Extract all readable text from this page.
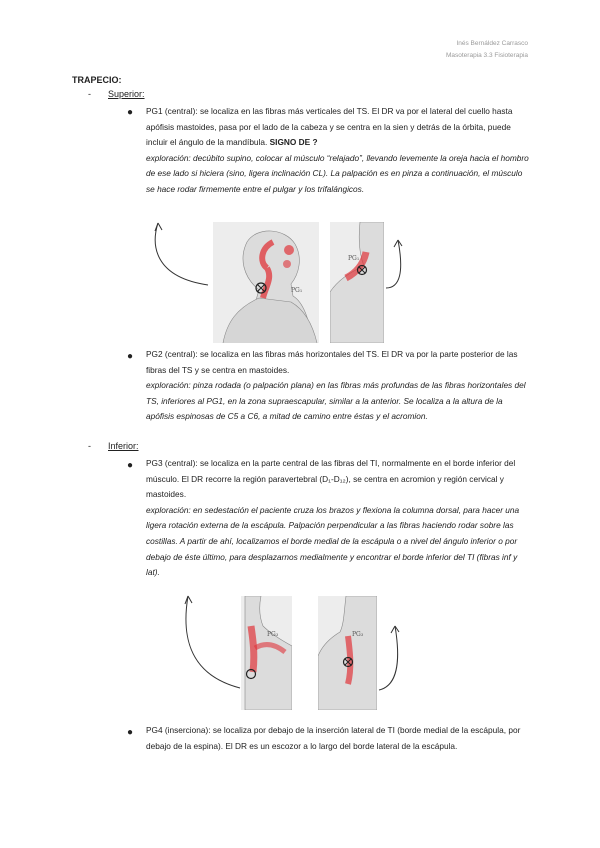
Inés Bernáldez Carrasco
Masoterapia 3.3 Fisioterapia
TRAPECIO:
- Superior:
● PG1 (central): se localiza en las fibras más verticales del TS. El DR va por el lateral del cuello hasta apófisis mastoides, pasa por el lado de la cabeza y se centra en la sien y detrás de la órbita, puede incluir el ángulo de la mandíbula. SIGNO DE ?
exploración: decúbito supino, colocar al músculo “relajado”, llevando levemente la oreja hacia el hombro de ese lado si hiciera (sino, ligera inclinación CL). La palpación es en pinza a continuación, el músculo se hace rodar firmemente entre el pulgar y los trifalángicos.
PG₁
PG₁
● PG2 (central): se localiza en las fibras más horizontales del TS. El DR va por la parte posterior de las fibras del TS y se centra en mastoides.
exploración: pinza rodada (o palpación plana) en las fibras más profundas de las fibras horizontales del TS, inferiores al PG1, en la zona supraescapular, similar a la anterior. Se localiza a la altura de la apófisis espinosas de C5 a C6, a mitad de camino entre éstas y el acromion.
- Inferior:
● PG3 (central): se localiza en la parte central de las fibras del TI, normalmente en el borde inferior del músculo. El DR recorre la región paravertebral (D₁-D₁₂), se centra en acromion y región cervical y mastoides.
exploración: en sedestación el paciente cruza los brazos y flexiona la columna dorsal, para hacer una ligera rotación externa de la escápula. Palpación perpendicular a las fibras haciendo rodar sobre las costillas. A partir de ahí, localizamos el borde medial de la escápula o a nivel del ángulo inferior o por debajo de éste último, para desplazarnos medialmente y encontrar el borde inferior del TI (fibras inf y lat).
PG₃	PG₃
● PG4 (inserciona): se localiza por debajo de la inserción lateral de TI (borde medial de la escápula, por debajo de la espina). El DR es un escozor a lo largo del borde lateral de la escápula.
